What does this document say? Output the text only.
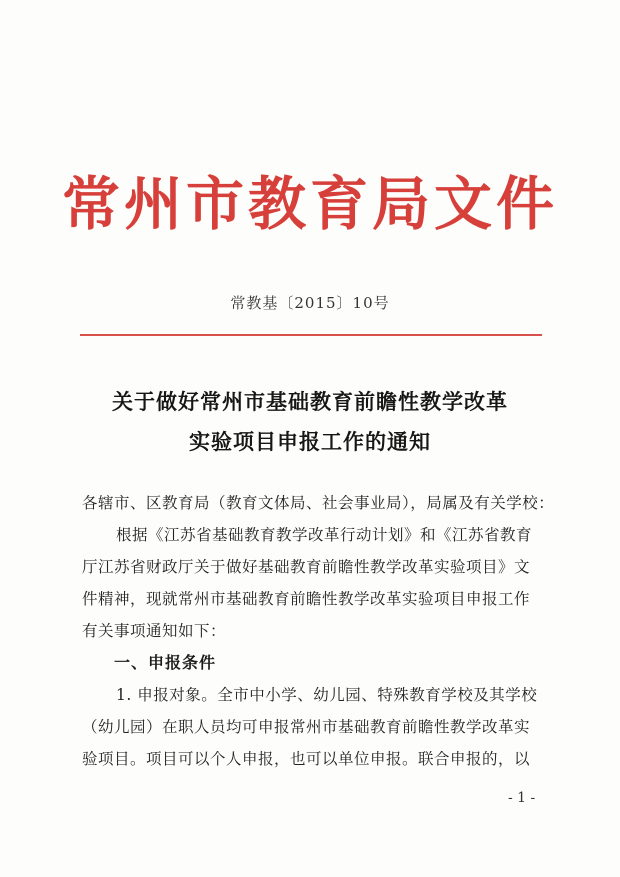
常州市教育局文件
常教基〔2015〕10号
关于做好常州市基础教育前瞻性教学改革
实验项目申报工作的通知
各辖市、区教育局（教育文体局、社会事业局），局属及有关学校：
根据《江苏省基础教育教学改革行动计划》和《江苏省教育
厅江苏省财政厅关于做好基础教育前瞻性教学改革实验项目》文
件精神，现就常州市基础教育前瞻性教学改革实验项目申报工作
有关事项通知如下：
一、申报条件
1. 申报对象。全市中小学、幼儿园、特殊教育学校及其学校
（幼儿园）在职人员均可申报常州市基础教育前瞻性教学改革实
验项目。项目可以个人申报，也可以单位申报。联合申报的，以
- 1 -
